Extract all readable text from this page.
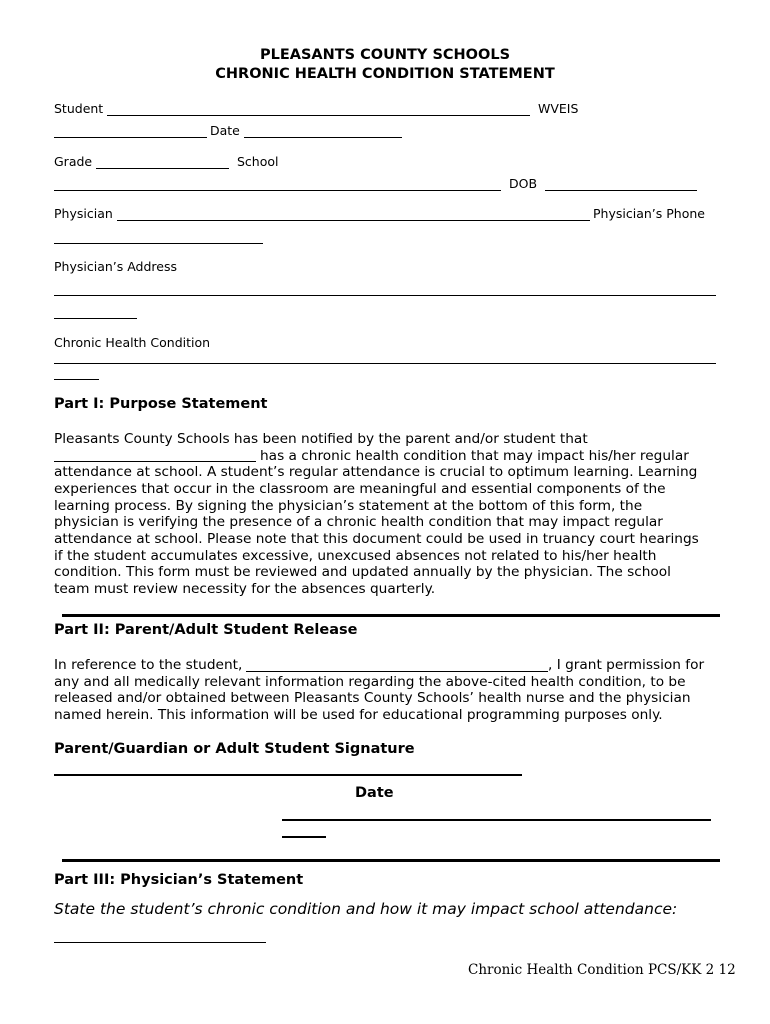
PLEASANTS COUNTY SCHOOLS
CHRONIC HEALTH CONDITION STATEMENT
Student	WVEIS
Date
Grade	School
DOB
Physician	Physician’s Phone
Physician’s Address
Chronic Health Condition
Part I: Purpose Statement
Pleasants County Schools has been notified by the parent and/or student that
has a chronic health condition that may impact his/her regular
attendance at school. A student’s regular attendance is crucial to optimum learning. Learning
experiences that occur in the classroom are meaningful and essential components of the
learning process. By signing the physician’s statement at the bottom of this form, the
physician is verifying the presence of a chronic health condition that may impact regular
attendance at school. Please note that this document could be used in truancy court hearings
if the student accumulates excessive, unexcused absences not related to his/her health
condition. This form must be reviewed and updated annually by the physician. The school
team must review necessity for the absences quarterly.
Part II: Parent/Adult Student Release
In reference to the student,	, I grant permission for
any and all medically relevant information regarding the above-cited health condition, to be
released and/or obtained between Pleasants County Schools’ health nurse and the physician
named herein. This information will be used for educational programming purposes only.
Parent/Guardian or Adult Student Signature
Date
Part III: Physician’s Statement
State the student’s chronic condition and how it may impact school attendance:
Chronic Health Condition PCS/KK 2 12
